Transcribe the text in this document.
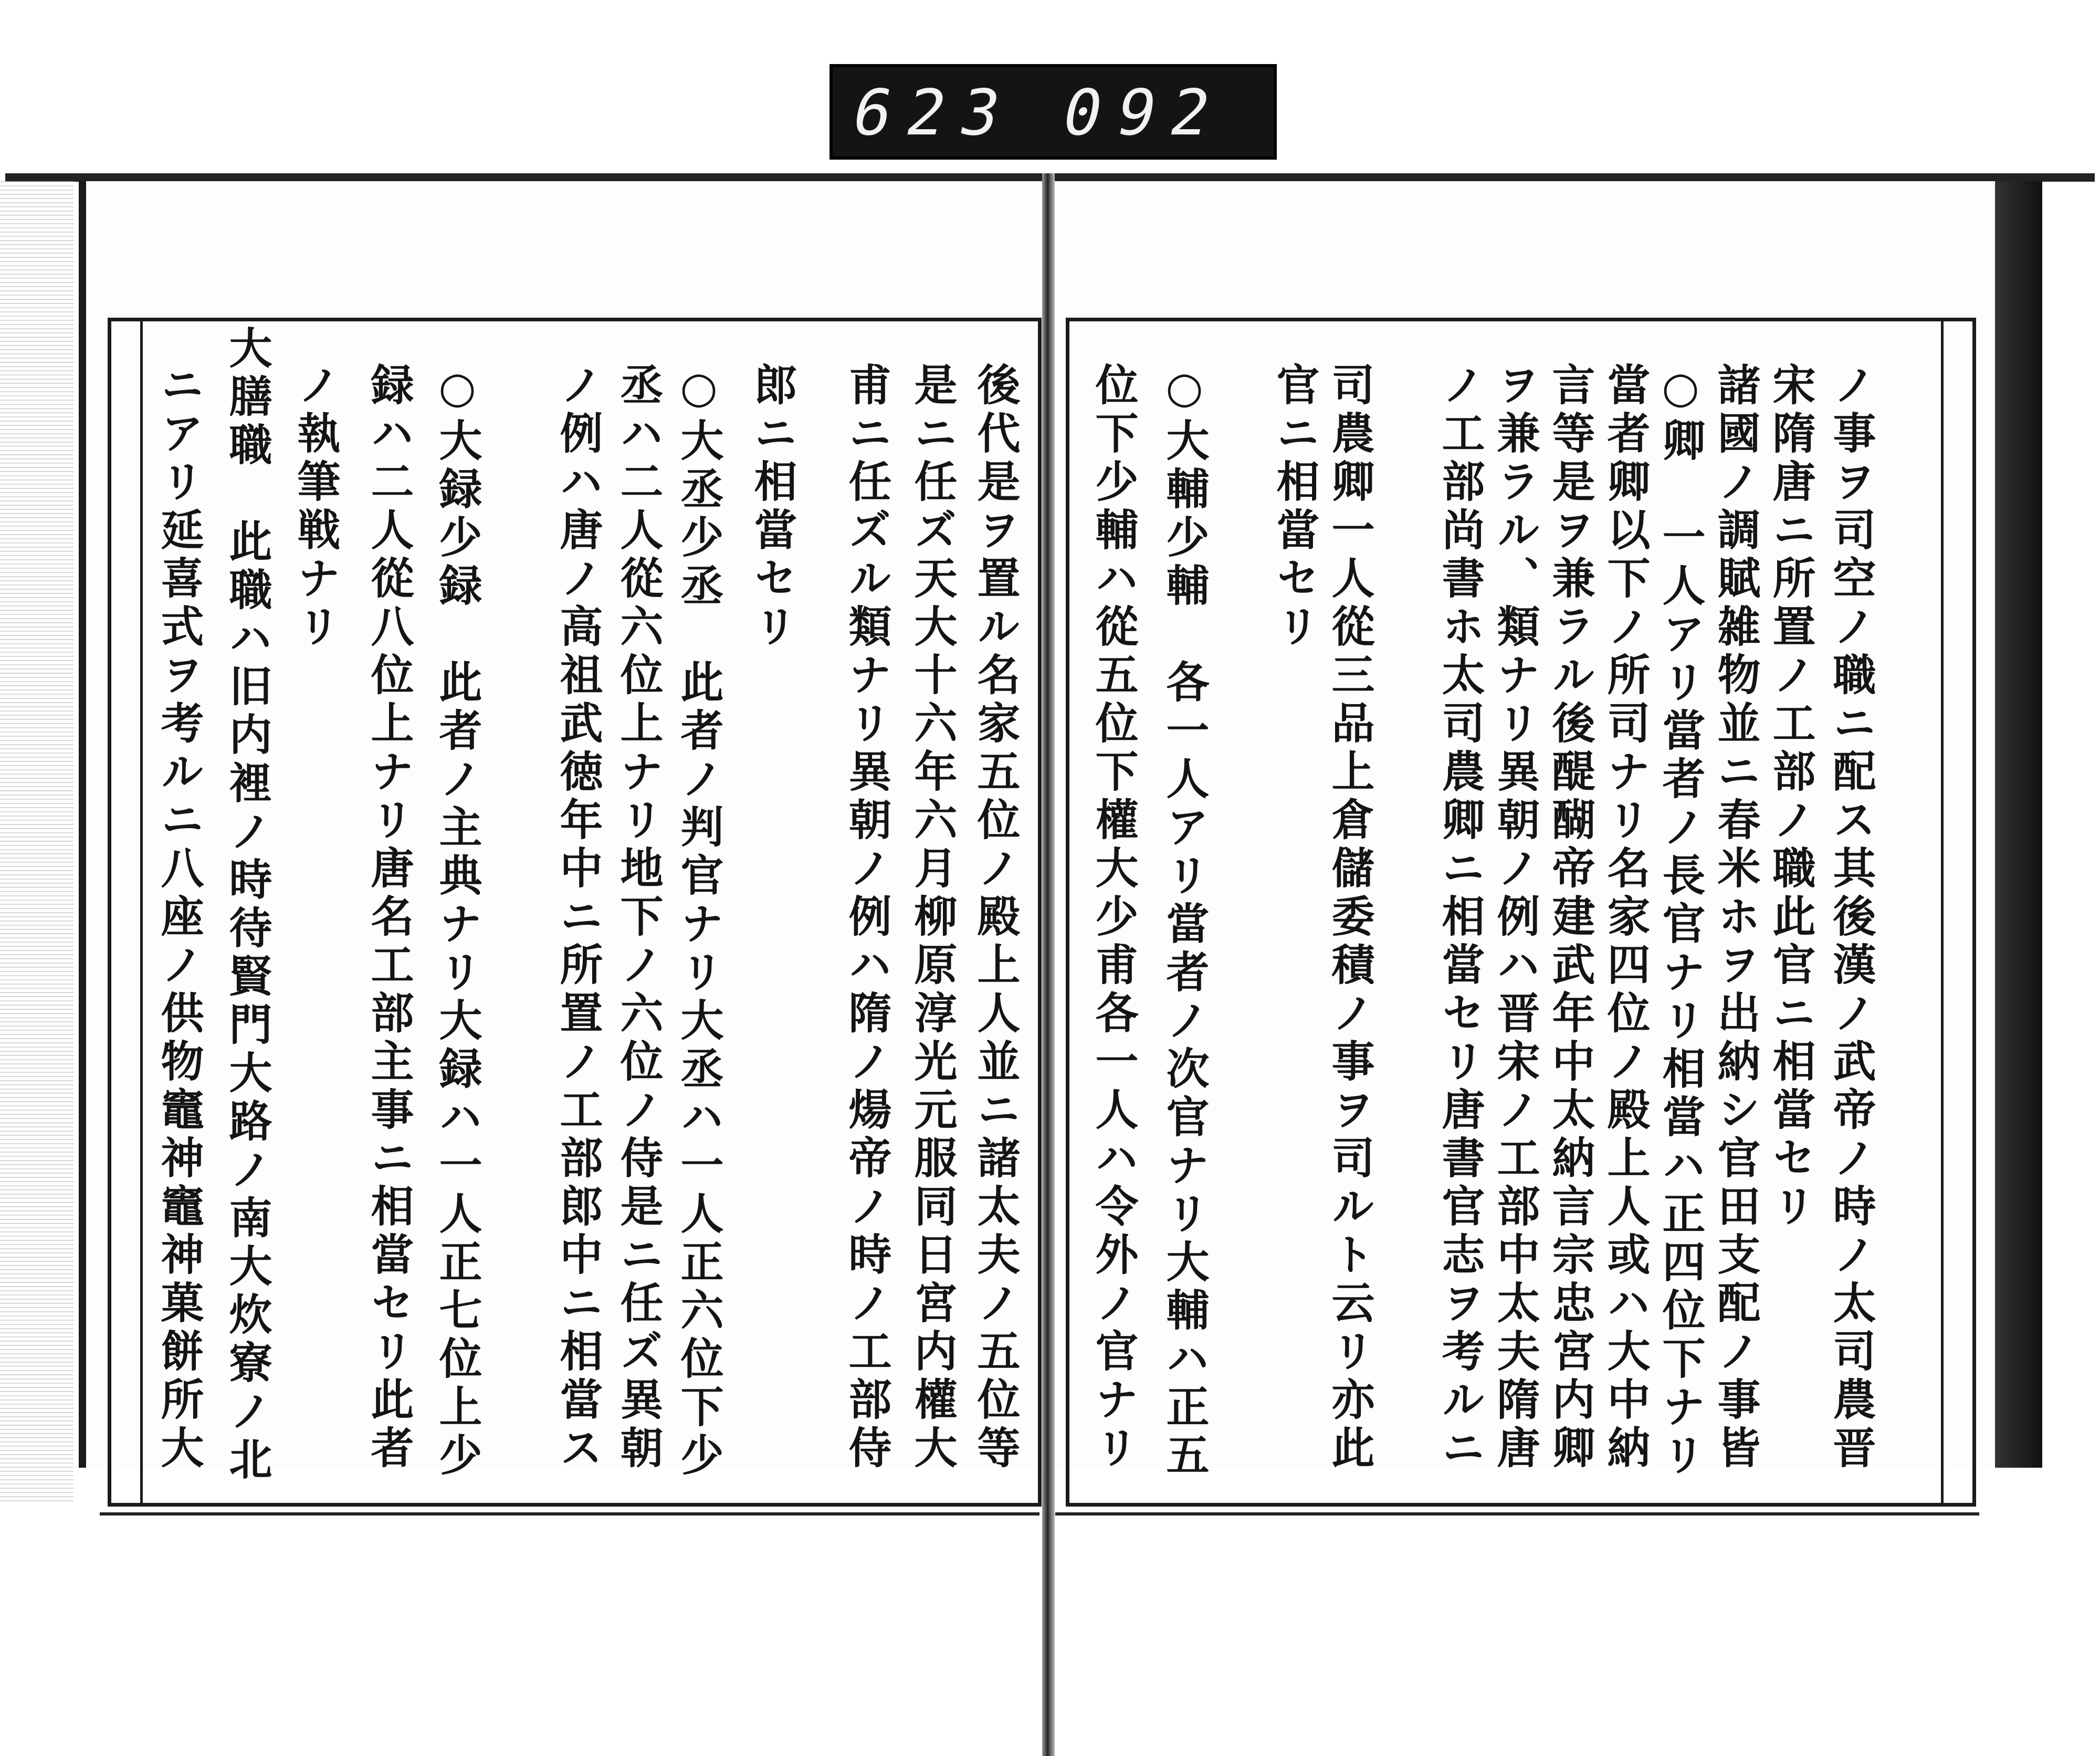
623 092
ノ事ヲ司空ノ職ニ配ス其後漢ノ武帝ノ時ノ太司農晋
宋隋唐ニ所置ノ工部ノ職此官ニ相當セリ
諸國ノ調賦雑物並ニ春米ホヲ出納シ官田支配ノ事皆
○卿　一人アリ當者ノ長官ナリ相當ハ正四位下ナリ
當者卿以下ノ所司ナリ名家四位ノ殿上人或ハ大中納
言等是ヲ兼ラル後醍醐帝建武年中太納言宗忠宮内卿
ヲ兼ラル、類ナリ異朝ノ例ハ晋宋ノ工部中太夫隋唐
ノ工部尚書ホ太司農卿ニ相當セリ唐書官志ヲ考ルニ
司農卿一人從三品上倉儲委積ノ事ヲ司ルト云リ亦此
官ニ相當セリ
○大輔少輔　各一人アリ當者ノ次官ナリ大輔ハ正五
位下少輔ハ從五位下權大少甫各一人ハ令外ノ官ナリ
後代是ヲ置ル名家五位ノ殿上人並ニ諸太夫ノ五位等
是ニ任ズ天大十六年六月柳原淳光元服同日宮内權大
甫ニ任ズル類ナリ異朝ノ例ハ隋ノ煬帝ノ時ノ工部侍
郎ニ相當セリ
○大丞少丞　此者ノ判官ナリ大丞ハ一人正六位下少
丞ハ二人從六位上ナリ地下ノ六位ノ侍是ニ任ズ異朝
ノ例ハ唐ノ高祖武徳年中ニ所置ノ工部郎中ニ相當ス
○大録少録　此者ノ主典ナリ大録ハ一人正七位上少
録ハ二人從八位上ナリ唐名工部主事ニ相當セリ此者
ノ執筆戦ナリ
大膳職　此職ハ旧内裡ノ時待賢門大路ノ南大炊寮ノ北
ニアリ延喜式ヲ考ルニ八座ノ供物竈神竈神菓餅所大
